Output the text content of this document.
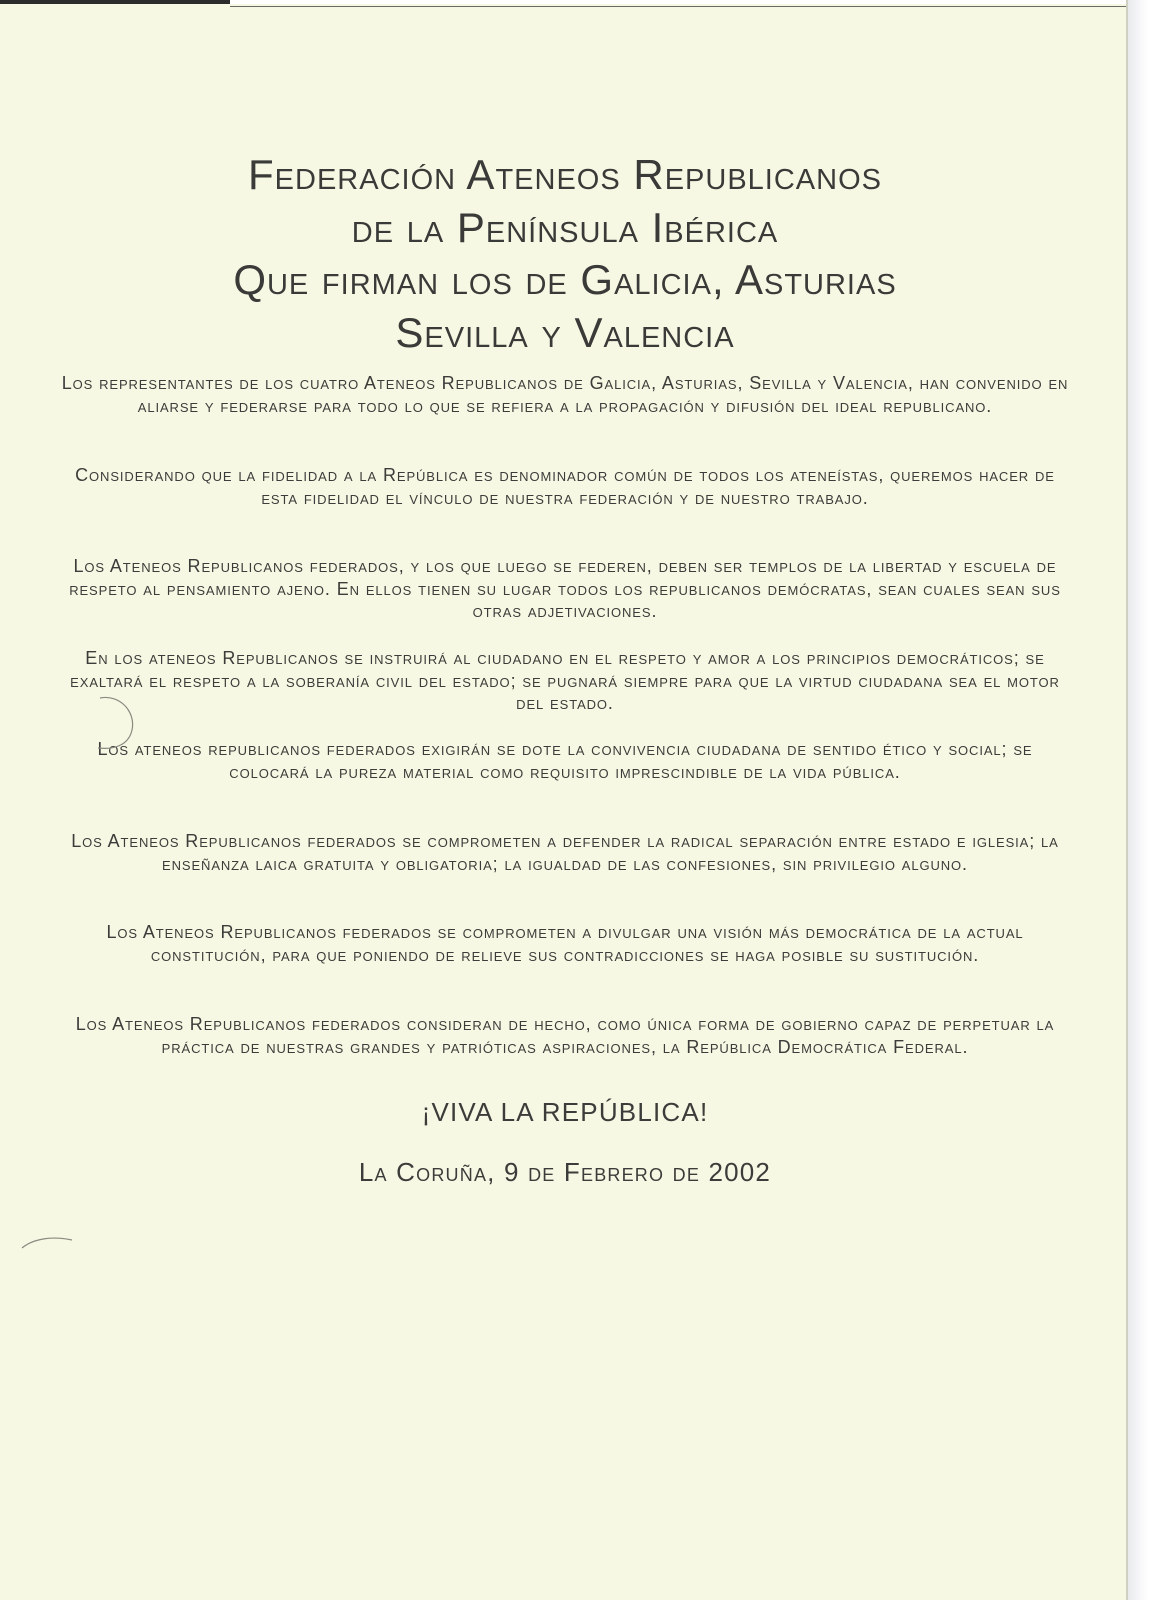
Federación Ateneos Republicanos
de la Península Ibérica
Que firman los de Galicia, Asturias
Sevilla y Valencia

Los representantes de los cuatro Ateneos Republicanos de Galicia, Asturias, Sevilla y Valencia, han convenido en aliarse y federarse para todo lo que se refiera a la propagación y difusión del ideal republicano.

Considerando que la fidelidad a la República es denominador común de todos los ateneístas, queremos hacer de esta fidelidad el vínculo de nuestra federación y de nuestro trabajo.

Los Ateneos Republicanos federados, y los que luego se federen, deben ser templos de la libertad y escuela de respeto al pensamiento ajeno. En ellos tienen su lugar todos los republicanos demócratas, sean cuales sean sus otras adjetivaciones.

En los ateneos Republicanos se instruirá al ciudadano en el respeto y amor a los principios democráticos; se exaltará el respeto a la soberanía civil del estado; se pugnará siempre para que la virtud ciudadana sea el motor del estado.

Los ateneos republicanos federados exigirán se dote la convivencia ciudadana de sentido ético y social; se colocará la pureza material como requisito imprescindible de la vida pública.

Los Ateneos Republicanos federados se comprometen a defender la radical separación entre estado e iglesia; la enseñanza laica gratuita y obligatoria; la igualdad de las confesiones, sin privilegio alguno.

Los Ateneos Republicanos federados se comprometen a divulgar una visión más democrática de la actual constitución, para que poniendo de relieve sus contradicciones se haga posible su sustitución.

Los Ateneos Republicanos federados consideran de hecho, como única forma de gobierno capaz de perpetuar la práctica de nuestras grandes y patrióticas aspiraciones, la República Democrática Federal.

¡VIVA LA REPÚBLICA!

La Coruña, 9 de Febrero de 2002
